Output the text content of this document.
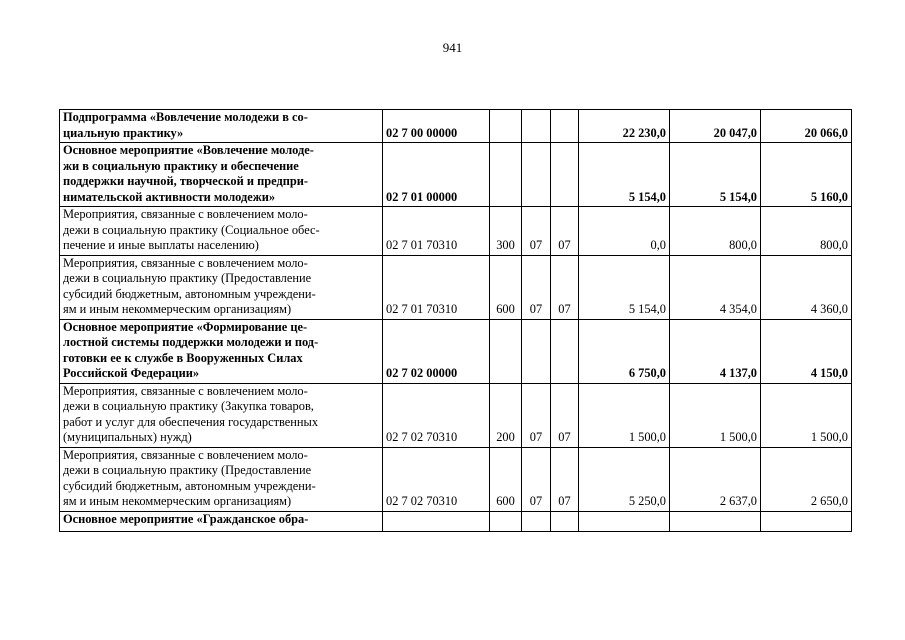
941
Подпрограмма «Вовлечение молодежи в со-
циальную практику»	02 7 00 00000				22 230,0	20 047,0	20 066,0

Основное мероприятие «Вовлечение молоде-
жи в социальную практику и обеспечение
поддержки научной, творческой и предпри-
нимательской активности молодежи»	02 7 01 00000				5 154,0	5 154,0	5 160,0

Мероприятия, связанные с вовлечением моло-
дежи в социальную практику (Социальное обес-
печение и иные выплаты населению)	02 7 01 70310	300	07	07	0,0	800,0	800,0

Мероприятия, связанные с вовлечением моло-
дежи в социальную практику (Предоставление
субсидий бюджетным, автономным учреждени-
ям и иным некоммерческим организациям)	02 7 01 70310	600	07	07	5 154,0	4 354,0	4 360,0

Основное мероприятие «Формирование це-
лостной системы поддержки молодежи и под-
готовки ее к службе в Вооруженных Силах
Российской Федерации»	02 7 02 00000				6 750,0	4 137,0	4 150,0

Мероприятия, связанные с вовлечением моло-
дежи в социальную практику (Закупка товаров,
работ и услуг для обеспечения государственных
(муниципальных) нужд)	02 7 02 70310	200	07	07	1 500,0	1 500,0	1 500,0

Мероприятия, связанные с вовлечением моло-
дежи в социальную практику (Предоставление
субсидий бюджетным, автономным учреждени-
ям и иным некоммерческим организациям)	02 7 02 70310	600	07	07	5 250,0	2 637,0	2 650,0

Основное мероприятие «Гражданское обра-							
